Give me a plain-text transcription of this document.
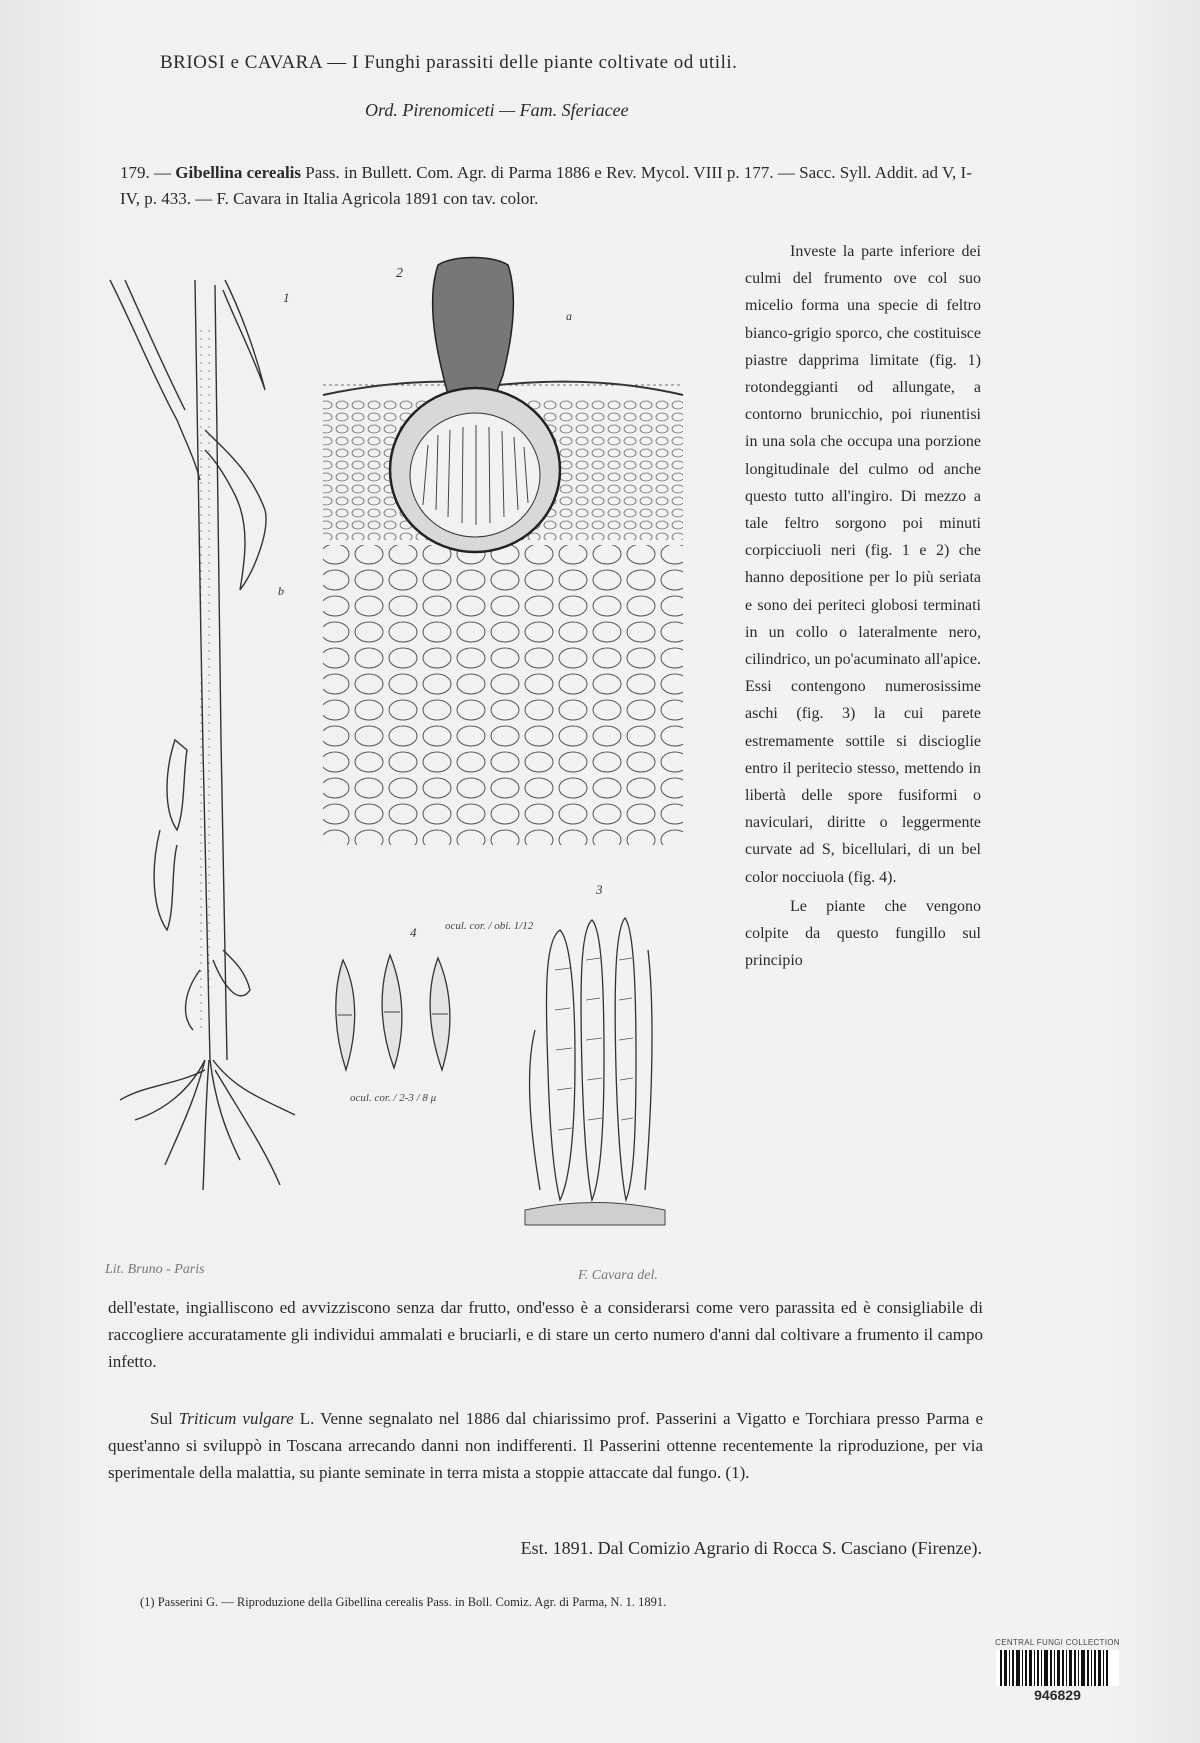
BRIOSI e CAVARA — I Funghi parassiti delle piante coltivate od utili.
Ord. Pirenomiceti — Fam. Sferiacee
179. — Gibellina cerealis Pass. in Bullett. Com. Agr. di Parma 1886 e Rev. Mycol. VIII p. 177. — Sacc. Syll. Addit. ad V, I-IV, p. 433. — F. Cavara in Italia Agricola 1891 con tav. color.
2
a
b
1
3
4	ocul. cor. / obi. 1/12
ocul. cor. / 2-3 / 8 μ
Lit. Bruno - Paris	F. Cavara del.

Investe la parte inferiore dei culmi del frumento ove col suo micelio forma una specie di feltro bianco-grigio sporco, che costituisce piastre dapprima limitate (fig. 1) rotondeggianti od allungate, a contorno brunicchio, poi riunentisi in una sola che occupa una porzione longitudinale del culmo od anche questo tutto all'ingiro. Di mezzo a tale feltro sorgono poi minuti corpicciuoli neri (fig. 1 e 2) che hanno depositione per lo più seriata e sono dei periteci globosi terminati in un collo o lateralmente nero, cilindrico, un po'acuminato all'apice. Essi contengono numerosissime aschi (fig. 3) la cui parete estremamente sottile si discioglie entro il peritecio stesso, mettendo in libertà delle spore fusiformi o naviculari, diritte o leggermente curvate ad S, bicellulari, di un bel color nocciuola (fig. 4).

Le piante che vengono colpite da questo fungillo sul principio

dell'estate, ingialliscono ed avvizziscono senza dar frutto, ond'esso è a considerarsi come vero parassita ed è consigliabile di raccogliere accuratamente gli individui ammalati e bruciarli, e di stare un certo numero d'anni dal coltivare a frumento il campo infetto.
Sul Triticum vulgare L. Venne segnalato nel 1886 dal chiarissimo prof. Passerini a Vigatto e Torchiara presso Parma e quest'anno si sviluppò in Toscana arrecando danni non indifferenti. Il Passerini ottenne recentemente la riproduzione, per via sperimentale della malattia, su piante seminate in terra mista a stoppie attaccate dal fungo. (1).
Est. 1891. Dal Comizio Agrario di Rocca S. Casciano (Firenze).
(1) Passerini G. — Riproduzione della Gibellina cerealis Pass. in Boll. Comiz. Agr. di Parma, N. 1. 1891.
CENTRAL FUNGI COLLECTION
946829
